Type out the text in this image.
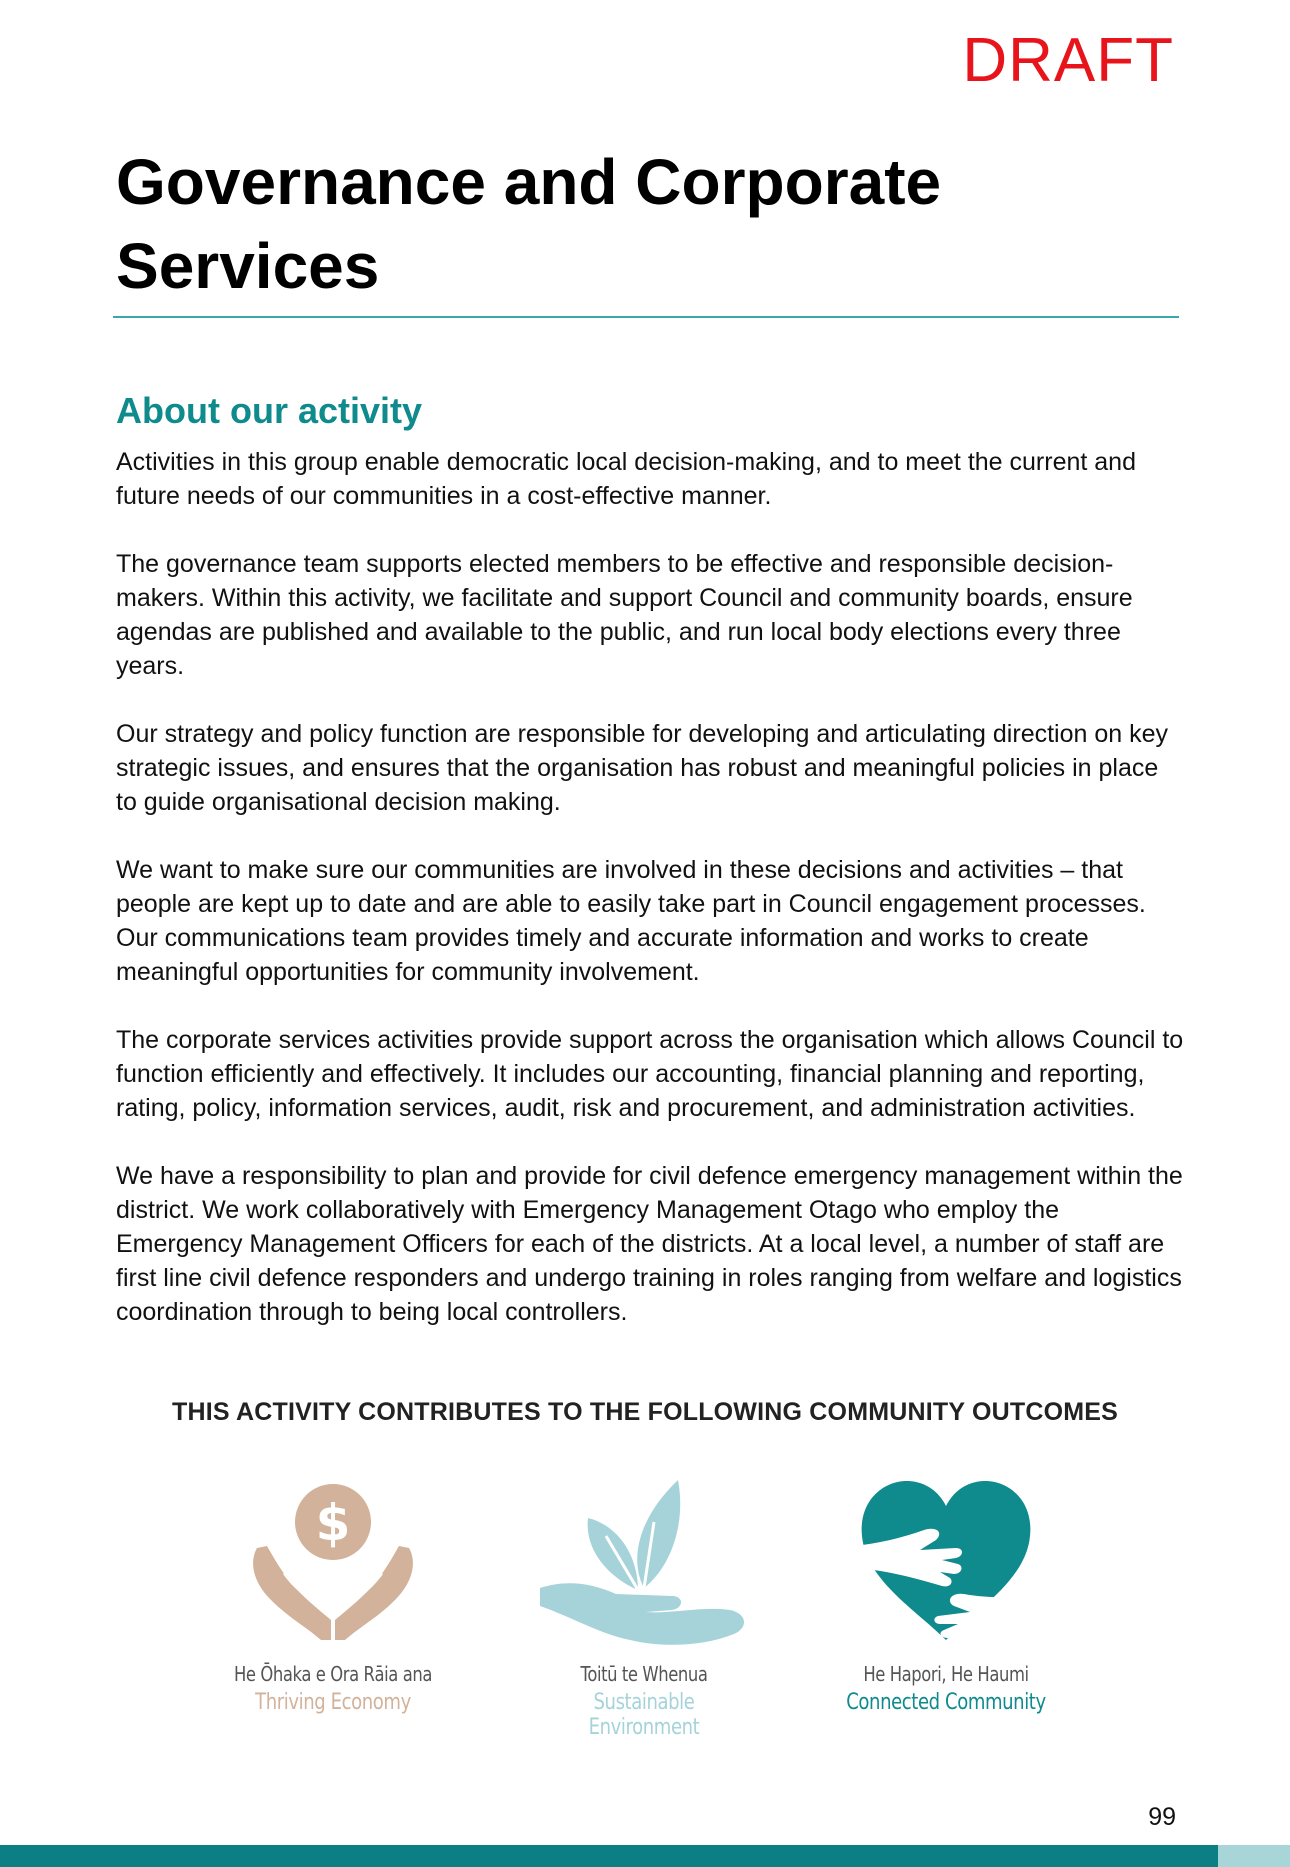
DRAFT
Governance and Corporate Services
About our activity

Activities in this group enable democratic local decision-making, and to meet the current and future needs of our communities in a cost-effective manner.

The governance team supports elected members to be effective and responsible decision-makers. Within this activity, we facilitate and support Council and community boards, ensure agendas are published and available to the public, and run local body elections every three years.

Our strategy and policy function are responsible for developing and articulating direction on key strategic issues, and ensures that the organisation has robust and meaningful policies in place to guide organisational decision making.

We want to make sure our communities are involved in these decisions and activities – that people are kept up to date and are able to easily take part in Council engagement processes. Our communications team provides timely and accurate information and works to create meaningful opportunities for community involvement.

The corporate services activities provide support across the organisation which allows Council to function efficiently and effectively. It includes our accounting, financial planning and reporting, rating, policy, information services, audit, risk and procurement, and administration activities.

We have a responsibility to plan and provide for civil defence emergency management within the district. We work collaboratively with Emergency Management Otago who employ the Emergency Management Officers for each of the districts. At a local level, a number of staff are first line civil defence responders and undergo training in roles ranging from welfare and logistics coordination through to being local controllers.

THIS ACTIVITY CONTRIBUTES TO THE FOLLOWING COMMUNITY OUTCOMES
$
He Ōhaka e Ora Rāia ana
Thriving Economy
Toitū te Whenua
Sustainable Environment
He Hapori, He Haumi
Connected Community
99
